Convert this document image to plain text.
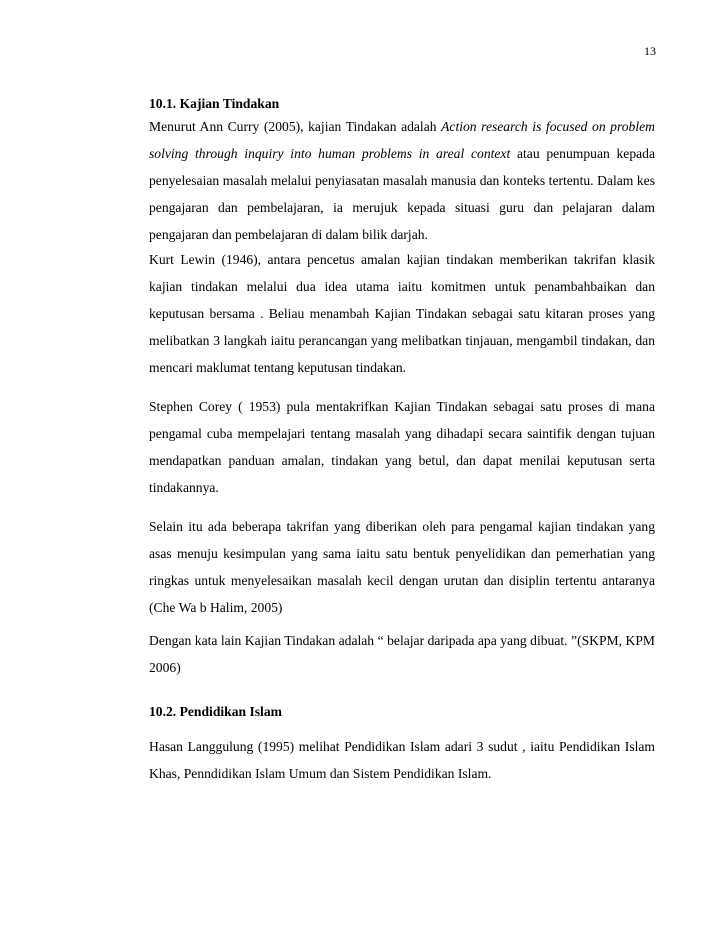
13
10.1. Kajian Tindakan

Menurut Ann Curry (2005), kajian Tindakan adalah Action research is focused on problem solving through inquiry into human problems in areal context atau penumpuan kepada penyelesaian masalah melalui penyiasatan masalah manusia dan konteks tertentu. Dalam kes pengajaran dan pembelajaran, ia merujuk kepada situasi guru dan pelajaran dalam pengajaran dan pembelajaran di dalam bilik darjah.

Kurt Lewin (1946), antara pencetus amalan kajian tindakan memberikan takrifan klasik kajian tindakan melalui dua idea utama iaitu komitmen untuk penambahbaikan dan keputusan bersama . Beliau menambah Kajian Tindakan sebagai satu kitaran proses yang melibatkan 3 langkah iaitu perancangan yang melibatkan tinjauan, mengambil tindakan, dan mencari maklumat tentang keputusan tindakan.

Stephen Corey ( 1953) pula mentakrifkan Kajian Tindakan sebagai satu proses di mana pengamal cuba mempelajari tentang masalah yang dihadapi secara saintifik dengan tujuan mendapatkan panduan amalan, tindakan yang betul, dan dapat menilai keputusan serta tindakannya.

Selain itu ada beberapa takrifan yang diberikan oleh para pengamal kajian tindakan yang asas menuju kesimpulan yang sama iaitu satu bentuk penyelidikan dan pemerhatian yang ringkas untuk menyelesaikan masalah kecil dengan urutan dan disiplin tertentu antaranya (Che Wa b Halim, 2005)

Dengan kata lain Kajian Tindakan adalah “ belajar daripada apa yang dibuat. ”(SKPM, KPM 2006)

10.2. Pendidikan Islam

Hasan Langgulung (1995) melihat Pendidikan Islam adari 3 sudut , iaitu Pendidikan Islam Khas, Penndidikan Islam Umum dan Sistem Pendidikan Islam.
